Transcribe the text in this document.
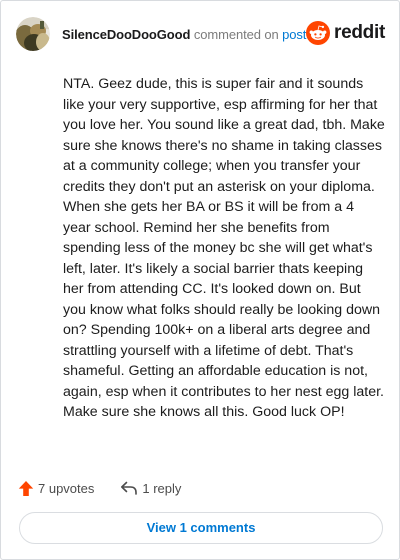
SilenceDooDooGood commented on post reddit

NTA. Geez dude, this is super fair and it sounds like your very supportive, esp affirming for her that you love her. You sound like a great dad, tbh. Make sure she knows there's no shame in taking classes at a community college; when you transfer your credits they don't put an asterisk on your diploma. When she gets her BA or BS it will be from a 4 year school. Remind her she benefits from spending less of the money bc she will get what's left, later. It's likely a social barrier thats keeping her from attending CC. It's looked down on. But you know what folks should really be looking down on? Spending 100k+ on a liberal arts degree and strattling yourself with a lifetime of debt. That's shameful. Getting an affordable education is not, again, esp when it contributes to her nest egg later. Make sure she knows all this. Good luck OP!

7 upvotes	1 reply
View 1 comments
